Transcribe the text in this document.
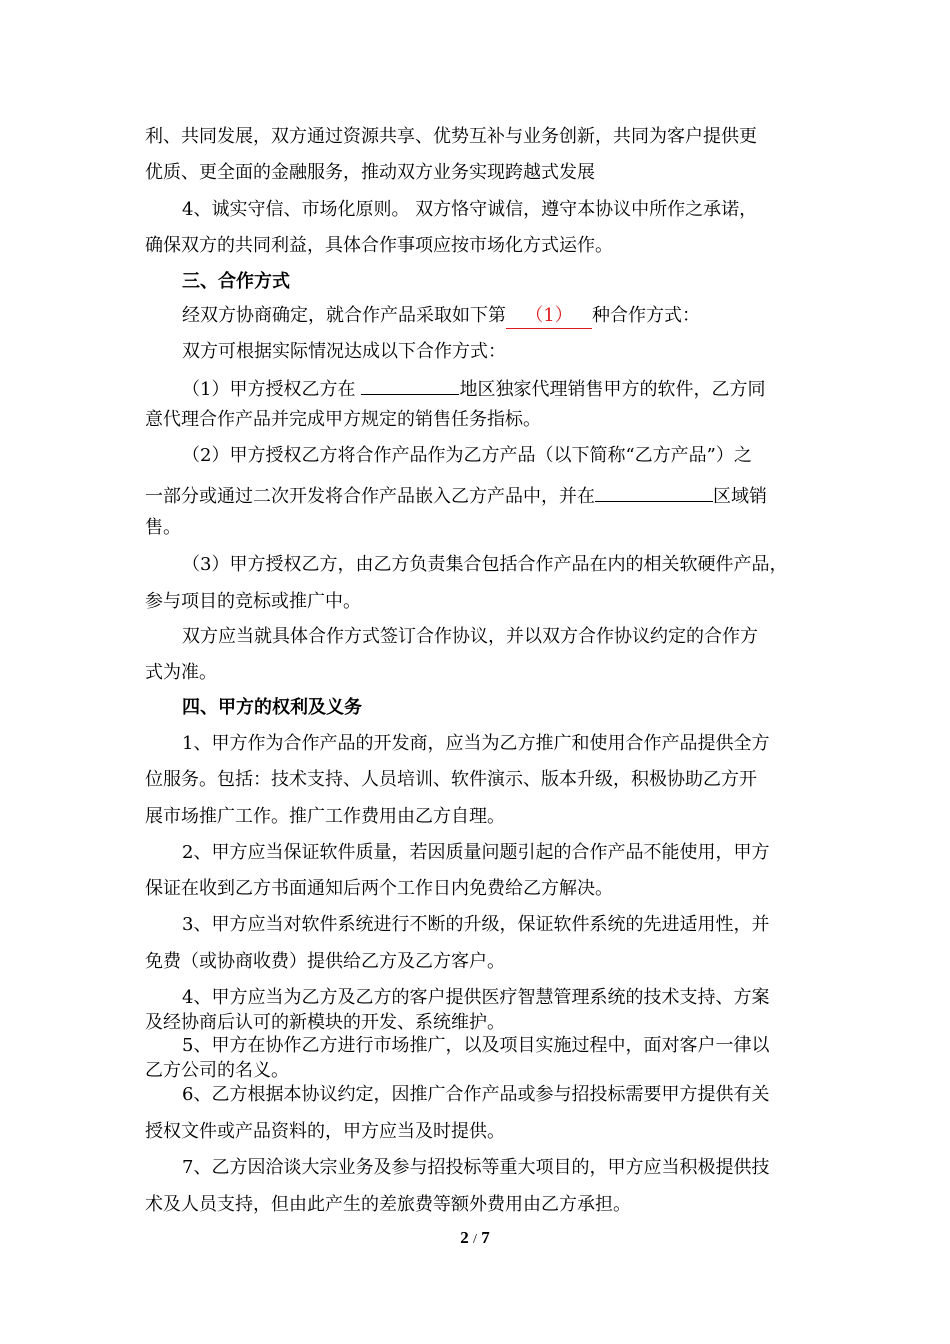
利、共同发展，双方通过资源共享、优势互补与业务创新，共同为客户提供更
优质、更全面的金融服务，推动双方业务实现跨越式发展
4、诚实守信、市场化原则。 双方恪守诚信，遵守本协议中所作之承诺，
确保双方的共同利益，具体合作事项应按市场化方式运作。
三、合作方式
经双方协商确定，就合作产品采取如下第 （1） 种合作方式：
双方可根据实际情况达成以下合作方式：
（1）甲方授权乙方在	地区独家代理销售甲方的软件，乙方同
意代理合作产品并完成甲方规定的销售任务指标。
（2）甲方授权乙方将合作产品作为乙方产品（以下简称“乙方产品”）之
一部分或通过二次开发将合作产品嵌入乙方产品中，并在	区域销
售。
（3）甲方授权乙方，由乙方负责集合包括合作产品在内的相关软硬件产品，
参与项目的竞标或推广中。
双方应当就具体合作方式签订合作协议，并以双方合作协议约定的合作方
式为准。
四、甲方的权利及义务
1、甲方作为合作产品的开发商，应当为乙方推广和使用合作产品提供全方
位服务。包括：技术支持、人员培训、软件演示、版本升级，积极协助乙方开
展市场推广工作。推广工作费用由乙方自理。
2、甲方应当保证软件质量，若因质量问题引起的合作产品不能使用，甲方
保证在收到乙方书面通知后两个工作日内免费给乙方解决。
3、甲方应当对软件系统进行不断的升级，保证软件系统的先进适用性，并
免费（或协商收费）提供给乙方及乙方客户。
4、甲方应当为乙方及乙方的客户提供医疗智慧管理系统的技术支持、方案
及经协商后认可的新模块的开发、系统维护。
5、甲方在协作乙方进行市场推广，以及项目实施过程中，面对客户一律以
乙方公司的名义。
6、乙方根据本协议约定，因推广合作产品或参与招投标需要甲方提供有关
授权文件或产品资料的，甲方应当及时提供。
7、乙方因洽谈大宗业务及参与招投标等重大项目的，甲方应当积极提供技
术及人员支持，但由此产生的差旅费等额外费用由乙方承担。
2 / 7
